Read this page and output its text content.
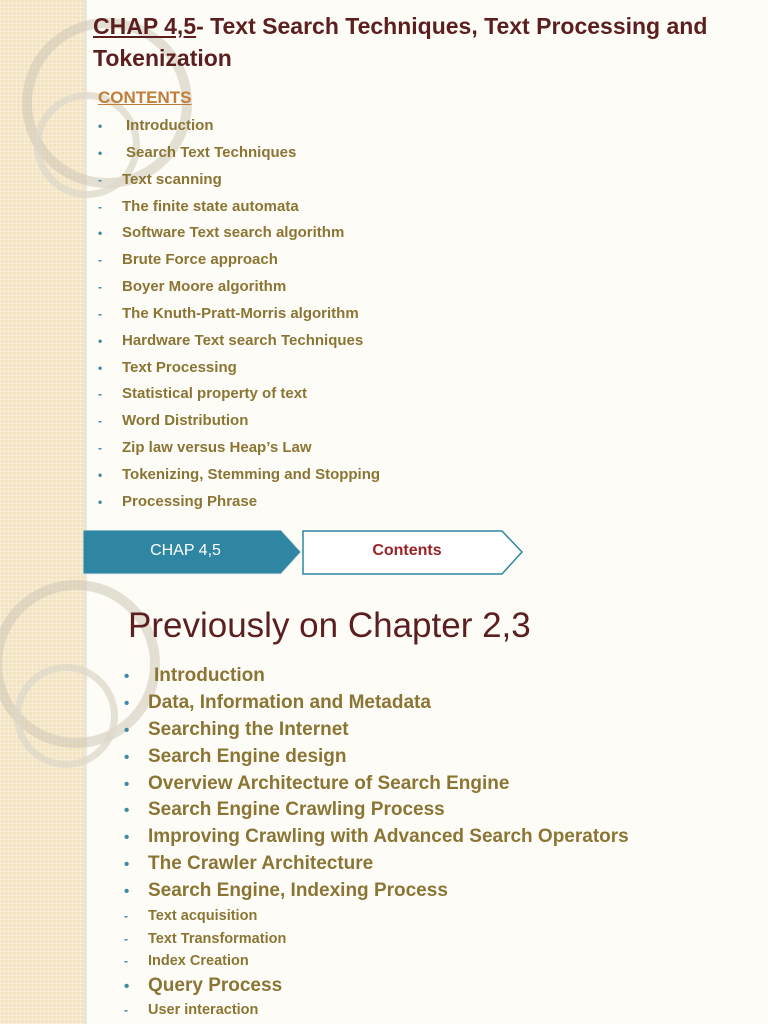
CHAP 4,5- Text Search Techniques, Text Processing and Tokenization
CONTENTS
• Introduction
• Search Text Techniques
- Text scanning
- The finite state automata
• Software Text search algorithm
- Brute Force approach
- Boyer Moore algorithm
- The Knuth-Pratt-Morris algorithm
• Hardware Text search Techniques
• Text Processing
- Statistical property of text
- Word Distribution
- Zip law versus Heap’s Law
• Tokenizing, Stemming and Stopping
• Processing Phrase
CHAP 4,5	Contents
Previously on Chapter 2,3
• Introduction
• Data, Information and Metadata
• Searching the Internet
• Search Engine design
• Overview Architecture of Search Engine
• Search Engine Crawling Process
• Improving Crawling with Advanced Search Operators
• The Crawler Architecture
• Search Engine, Indexing Process
- Text acquisition
- Text Transformation
- Index Creation
• Query Process
- User interaction
